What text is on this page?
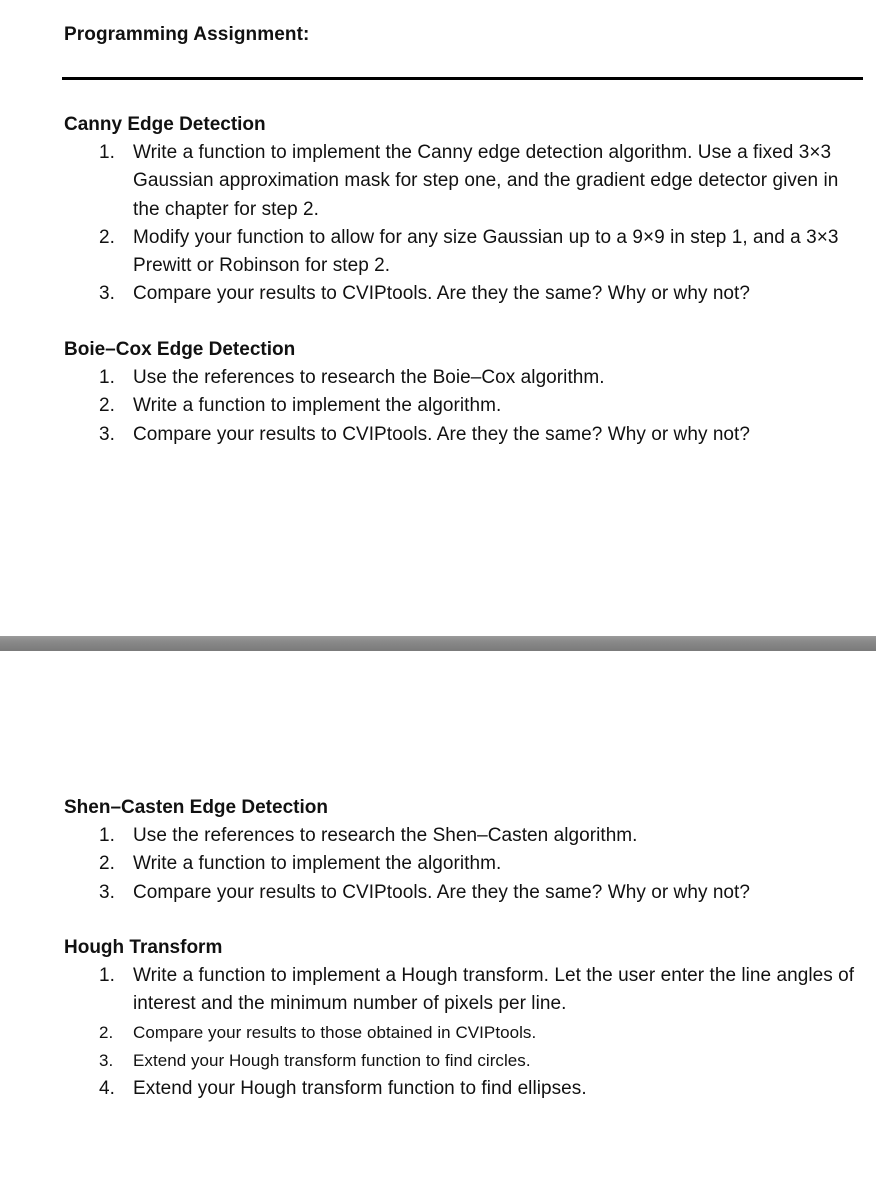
Programming Assignment:
Canny Edge Detection
1. Write a function to implement the Canny edge detection algorithm. Use a fixed 3×3 Gaussian approximation mask for step one, and the gradient edge detector given in the chapter for step 2.
2. Modify your function to allow for any size Gaussian up to a 9×9 in step 1, and a 3×3 Prewitt or Robinson for step 2.
3. Compare your results to CVIPtools. Are they the same? Why or why not?
Boie–Cox Edge Detection
1. Use the references to research the Boie–Cox algorithm.
2. Write a function to implement the algorithm.
3. Compare your results to CVIPtools. Are they the same? Why or why not?
Shen–Casten Edge Detection
1. Use the references to research the Shen–Casten algorithm.
2. Write a function to implement the algorithm.
3. Compare your results to CVIPtools. Are they the same? Why or why not?
Hough Transform
1. Write a function to implement a Hough transform. Let the user enter the line angles of interest and the minimum number of pixels per line.
2. Compare your results to those obtained in CVIPtools.
3. Extend your Hough transform function to find circles.
4. Extend your Hough transform function to find ellipses.
